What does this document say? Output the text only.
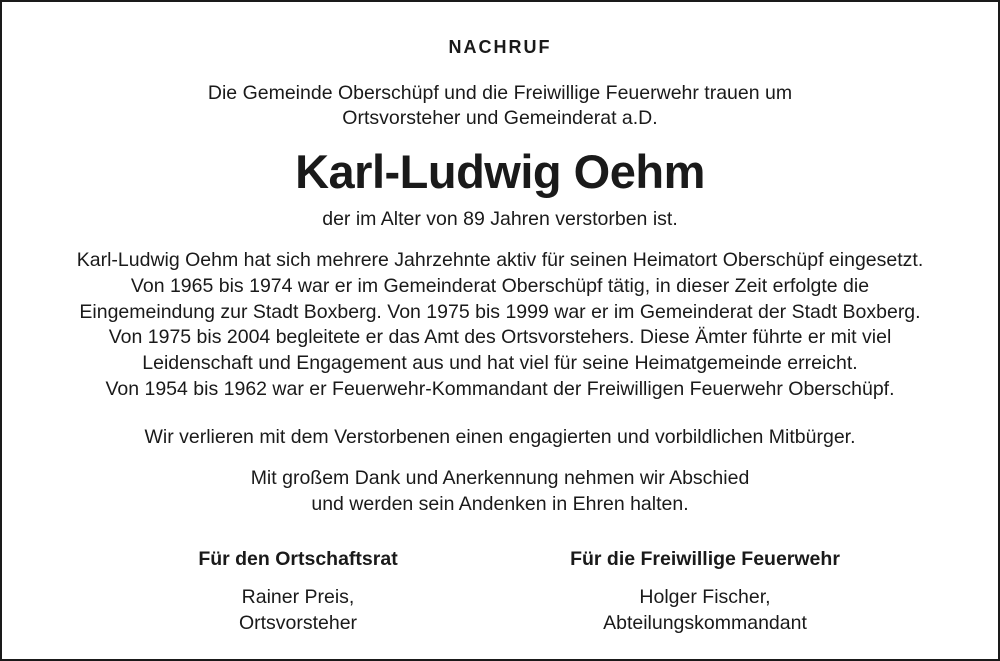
NACHRUF
Die Gemeinde Oberschüpf und die Freiwillige Feuerwehr trauen um
Ortsvorsteher und Gemeinderat a.D.
Karl-Ludwig Oehm
der im Alter von 89 Jahren verstorben ist.
Karl-Ludwig Oehm hat sich mehrere Jahrzehnte aktiv für seinen Heimatort Oberschüpf eingesetzt.
Von 1965 bis 1974 war er im Gemeinderat Oberschüpf tätig, in dieser Zeit erfolgte die
Eingemeindung zur Stadt Boxberg. Von 1975 bis 1999 war er im Gemeinderat der Stadt Boxberg.
Von 1975 bis 2004 begleitete er das Amt des Ortsvorstehers. Diese Ämter führte er mit viel
Leidenschaft und Engagement aus und hat viel für seine Heimatgemeinde erreicht.
Von 1954 bis 1962 war er Feuerwehr-Kommandant der Freiwilligen Feuerwehr Oberschüpf.
Wir verlieren mit dem Verstorbenen einen engagierten und vorbildlichen Mitbürger.
Mit großem Dank und Anerkennung nehmen wir Abschied
und werden sein Andenken in Ehren halten.
Für den Ortschaftsrat
Rainer Preis,
Ortsvorsteher
Für die Freiwillige Feuerwehr
Holger Fischer,
Abteilungskommandant
